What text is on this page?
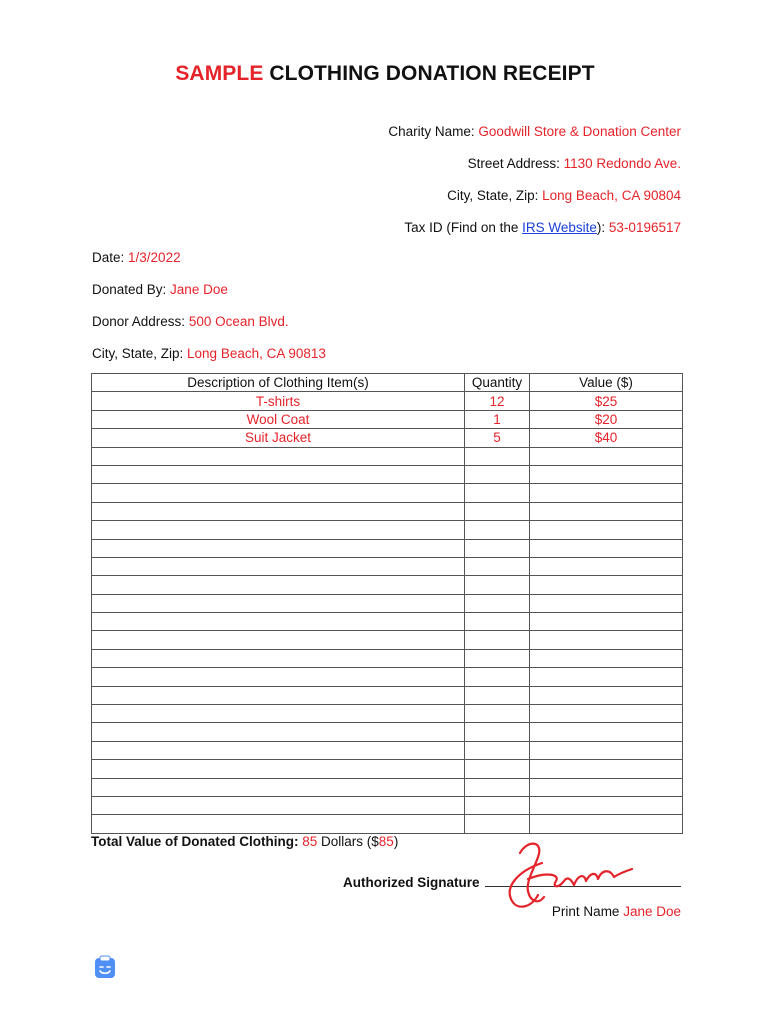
SAMPLE CLOTHING DONATION RECEIPT
Charity Name: Goodwill Store & Donation Center
Street Address: 1130 Redondo Ave.
City, State, Zip: Long Beach, CA 90804
Tax ID (Find on the IRS Website): 53-0196517
Date: 1/3/2022
Donated By: Jane Doe
Donor Address: 500 Ocean Blvd.
City, State, Zip: Long Beach, CA 90813
Description of Clothing Item(s)	Quantity	Value ($)
T-shirts	12	$25
Wool Coat	1	$20
Suit Jacket	5	$40

Total Value of Donated Clothing: 85 Dollars ($85)
Authorized Signature
Print Name Jane Doe
